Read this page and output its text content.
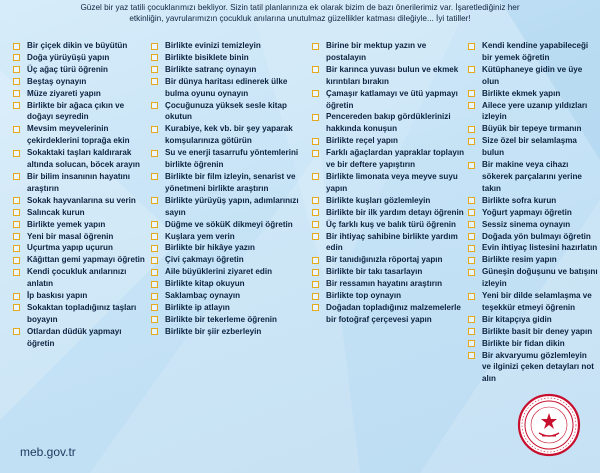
Güzel bir yaz tatili çocuklarımızı bekliyor. Sizin tatil planlarınıza ek olarak bizim de bazı önerilerimiz var. İşaretlediğiniz her
etkinliğin, yavrularımızın çocukluk anılarına unutulmaz güzellikler katması dileğiyle... İyi tatiller!
Bir çiçek dikin ve büyütün
Doğa yürüyüşü yapın
Üç ağaç türü öğrenin
Beştaş oynayın
Müze ziyareti yapın
Birlikte bir ağaca çıkın ve doğayı seyredin
Mevsim meyvelerinin çekirdeklerini toprağa ekin
Sokaktaki taşları kaldırarak altında solucan, böcek arayın
Bir bilim insanının hayatını araştırın
Sokak hayvanlarına su verin
Salıncak kurun
Birlikte yemek yapın
Yeni bir masal öğrenin
Uçurtma yapıp uçurun
Kâğıttan gemi yapmayı öğretin
Kendi çocukluk anılarınızı anlatın
İp baskısı yapın
Sokaktan topladığınız taşları boyayın
Otlardan düdük yapmayı öğretin
Birlikte evinizi temizleyin
Birlikte bisiklete binin
Birlikte satranç oynayın
Bir dünya haritası edinerek ülke bulma oyunu oynayın
Çocuğunuza yüksek sesle kitap okutun
Kurabiye, kek vb. bir şey yaparak komşularınıza götürün
Su ve enerji tasarrufu yöntemlerini birlikte öğrenin
Birlikte bir film izleyin, senarist ve yönetmeni birlikte araştırın
Birlikte yürüyüş yapın, adımlarınızı sayın
Düğme ve söküK dikmeyi öğretin
Kuşlara yem verin
Birlikte bir hikâye yazın
Çivi çakmayı öğretin
Aile büyüklerini ziyaret edin
Birlikte kitap okuyun
Saklambaç oynayın
Birlikte ip atlayın
Birlikte bir tekerleme öğrenin
Birlikte bir şiir ezberleyin
Birine bir mektup yazın ve postalayın
Bir karınca yuvası bulun ve ekmek kırıntıları bırakın
Çamaşır katlamayı ve ütü yapmayı öğretin
Pencereden bakıp gördüklerinizi hakkında konuşun
Birlikte reçel yapın
Farklı ağaçlardan yapraklar toplayın ve bir deftere yapıştırın
Birlikte limonata veya meyve suyu yapın
Birlikte kuşları gözlemleyin
Birlikte bir ilk yardım detayı öğrenin
Üç farklı kuş ve balık türü öğrenin
Bir ihtiyaç sahibine birlikte yardım edin
Bir tanıdığınızla röportaj yapın
Birlikte bir takı tasarlayın
Bir ressamın hayatını araştırın
Birlikte top oynayın
Doğadan topladığınız malzemelerle bir fotoğraf çerçevesi yapın
Kendi kendine yapabileceği bir yemek öğretin
Kütüphaneye gidin ve üye olun
Birlikte ekmek yapın
Ailece yere uzanıp yıldızları izleyin
Büyük bir tepeye tırmanın
Size özel bir selamlaşma bulun
Bir makine veya cihazı sökerek parçalarını yerine takın
Birlikte sofra kurun
Yoğurt yapmayı öğretin
Sessiz sinema oynayın
Doğada yön bulmayı öğretin
Evin ihtiyaç listesini hazırlatın
Birlikte resim yapın
Güneşin doğuşunu ve batışını izleyin
Yeni bir dilde selamlaşma ve teşekkür etmeyi öğrenin
Bir kitapçıya gidin
Birlikte basit bir deney yapın
Birlikte bir fidan dikin
Bir akvaryumu gözlemleyin ve ilginizi çeken detayları not alın
meb.gov.tr
